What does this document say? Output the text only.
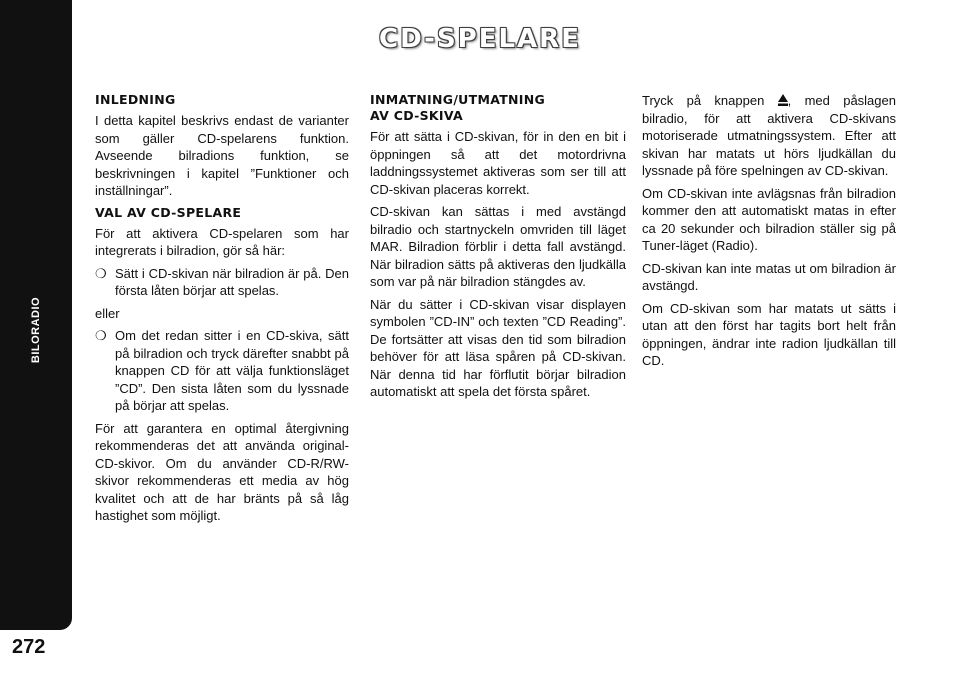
BILORADIO
272
CD-SPELARE
INLEDNING

I detta kapitel beskrivs endast de varianter som gäller CD-spelarens funktion. Avseende bilradions funktion, se beskrivningen i kapitel ”Funktioner och inställningar”.

VAL AV CD-SPELARE

För att aktivera CD-spelaren som har integrerats i bilradion, gör så här:

❍ Sätt i CD-skivan när bilradion är på. Den första låten börjar att spelas.

eller

❍ Om det redan sitter i en CD-skiva, sätt på bilradion och tryck därefter snabbt på knappen CD för att välja funktionsläget ”CD”. Den sista låten som du lyssnade på börjar att spelas.

För att garantera en optimal återgivning rekommenderas det att använda original-CD-skivor. Om du använder CD-R/RW-skivor rekommenderas ett media av hög kvalitet och att de har bränts på så låg hastighet som möjligt.

INMATNING/UTMATNING
AV CD-SKIVA

För att sätta i CD-skivan, för in den en bit i öppningen så att det motordrivna laddningssystemet aktiveras som ser till att CD-skivan placeras korrekt.

CD-skivan kan sättas i med avstängd bilradio och startnyckeln omvriden till läget MAR. Bilradion förblir i detta fall avstängd. När bilradion sätts på aktiveras den ljudkälla som var på när bilradion stängdes av.

När du sätter i CD-skivan visar displayen symbolen ”CD-IN” och texten ”CD Reading”. De fortsätter att visas den tid som bilradion behöver för att läsa spåren på CD-skivan. När denna tid har förflutit börjar bilradion automatiskt att spela det första spåret.

Tryck på knappen , med påslagen bilradio, för att aktivera CD-skivans motoriserade utmatningssystem. Efter att skivan har matats ut hörs ljudkällan du lyssnade på före spelningen av CD-skivan.

Om CD-skivan inte avlägsnas från bilradion kommer den att automatiskt matas in efter ca 20 sekunder och bilradion ställer sig på Tuner-läget (Radio).

CD-skivan kan inte matas ut om bilradion är avstängd.

Om CD-skivan som har matats ut sätts i utan att den först har tagits bort helt från öppningen, ändrar inte radion ljudkällan till CD.
